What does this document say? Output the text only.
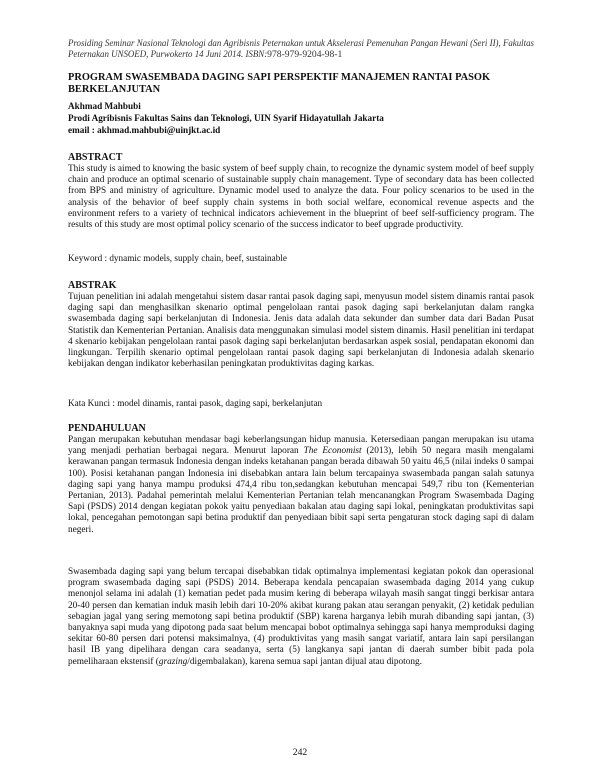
Prosiding Seminar Nasional Teknologi dan Agribisnis Peternakan untuk Akselerasi Pemenuhan Pangan Hewani (Seri II), Fakultas Peternakan UNSOED, Purwokerto 14 Juni 2014. ISBN:978-979-9204-98-1
PROGRAM SWASEMBADA DAGING SAPI PERSPEKTIF MANAJEMEN RANTAI PASOK BERKELANJUTAN
Akhmad Mahbubi
Prodi Agribisnis Fakultas Sains dan Teknologi, UIN Syarif Hidayatullah Jakarta
email : akhmad.mahbubi@uinjkt.ac.id
ABSTRACT
This study is aimed to knowing the basic system of beef supply chain, to recognize the dynamic system model of beef supply chain and produce an optimal scenario of sustainable supply chain management. Type of secondary data has been collected from BPS and ministry of agriculture. Dynamic model used to analyze the data. Four policy scenarios to be used in the analysis of the behavior of beef supply chain systems in both social welfare, economical revenue aspects and the environment refers to a variety of technical indicators achievement in the blueprint of beef self-sufficiency program. The results of this study are most optimal policy scenario of the success indicator to beef upgrade productivity.
Keyword : dynamic models, supply chain, beef, sustainable
ABSTRAK
Tujuan penelitian ini adalah mengetahui sistem dasar rantai pasok daging sapi, menyusun model sistem dinamis rantai pasok daging sapi dan menghasilkan skenario optimal pengelolaan rantai pasok daging sapi berkelanjutan dalam rangka swasembada daging sapi berkelanjutan di Indonesia. Jenis data adalah data sekunder dan sumber data dari Badan Pusat Statistik dan Kementerian Pertanian. Analisis data menggunakan simulasi model sistem dinamis. Hasil penelitian ini terdapat 4 skenario kebijakan pengelolaan rantai pasok daging sapi berkelanjutan berdasarkan aspek sosial, pendapatan ekonomi dan lingkungan. Terpilih skenario optimal pengelolaan rantai pasok daging sapi berkelanjutan di Indonesia adalah skenario kebijakan dengan indikator keberhasilan peningkatan produktivitas daging karkas.
Kata Kunci : model dinamis, rantai pasok, daging sapi, berkelanjutan
PENDAHULUAN
Pangan merupakan kebutuhan mendasar bagi keberlangsungan hidup manusia. Ketersediaan pangan merupakan isu utama yang menjadi perhatian berbagai negara. Menurut laporan The Economist (2013), lebih 50 negara masih mengalami kerawanan pangan termasuk Indonesia dengan indeks ketahanan pangan berada dibawah 50 yaitu 46,5 (nilai indeks 0 sampai 100). Posisi ketahanan pangan Indonesia ini disebabkan antara lain belum tercapainya swasembada pangan salah satunya daging sapi yang hanya mampu produksi 474,4 ribu ton,sedangkan kebutuhan mencapai 549,7 ribu ton (Kementerian Pertanian, 2013). Padahal pemerintah melalui Kementerian Pertanian telah mencanangkan Program Swasembada Daging Sapi (PSDS) 2014 dengan kegiatan pokok yaitu penyediaan bakalan atau daging sapi lokal, peningkatan produktivitas sapi lokal, pencegahan pemotongan sapi betina produktif dan penyediaan bibit sapi serta pengaturan stock daging sapi di dalam negeri.
Swasembada daging sapi yang belum tercapai disebabkan tidak optimalnya implementasi kegiatan pokok dan operasional program swasembada daging sapi (PSDS) 2014. Beberapa kendala pencapaian swasembada daging 2014 yang cukup menonjol selama ini adalah (1) kematian pedet pada musim kering di beberapa wilayah masih sangat tinggi berkisar antara 20-40 persen dan kematian induk masih lebih dari 10-20% akibat kurang pakan atau serangan penyakit, (2) ketidak pedulian sebagian jagal yang sering memotong sapi betina produktif (SBP) karena harganya lebih murah dibanding sapi jantan, (3) banyaknya sapi muda yang dipotong pada saat belum mencapai bobot optimalnya sehingga sapi hanya memproduksi daging sekitar 60-80 persen dari potensi maksimalnya, (4) produktivitas yang masih sangat variatif, antara lain sapi persilangan hasil IB yang dipelihara dengan cara seadanya, serta (5) langkanya sapi jantan di daerah sumber bibit pada pola pemeliharaan ekstensif (grazing/digembalakan), karena semua sapi jantan dijual atau dipotong.
242
